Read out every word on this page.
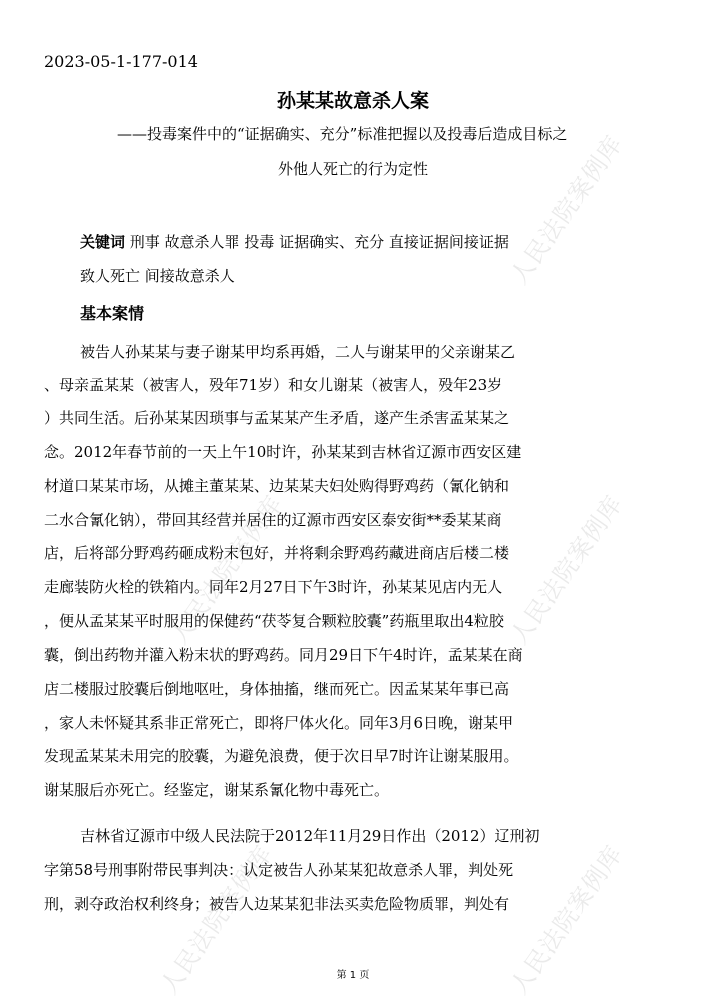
人民法院案例库
人民法院案例库	人民法院案例库
人民法院案例库	人民法院案例库
2023-05-1-177-014
孙某某故意杀人案
——投毒案件中的“证据确实、充分”标准把握以及投毒后造成目标之
外他人死亡的行为定性
关键词 刑事 故意杀人罪 投毒 证据确实、充分 直接证据间接证据
致人死亡 间接故意杀人
基本案情
被告人孙某某与妻子谢某甲均系再婚，二人与谢某甲的父亲谢某乙
、母亲孟某某（被害人，殁年71岁）和女儿谢某（被害人，殁年23岁
）共同生活。后孙某某因琐事与孟某某产生矛盾，遂产生杀害孟某某之
念。2012年春节前的一天上午10时许，孙某某到吉林省辽源市西安区建
材道口某某市场，从摊主董某某、边某某夫妇处购得野鸡药（氰化钠和
二水合氰化钠），带回其经营并居住的辽源市西安区泰安街**委某某商
店，后将部分野鸡药砸成粉末包好，并将剩余野鸡药藏进商店后楼二楼
走廊装防火栓的铁箱内。同年2月27日下午3时许，孙某某见店内无人
，便从孟某某平时服用的保健药“茯苓复合颗粒胶囊”药瓶里取出4粒胶
囊，倒出药物并灌入粉末状的野鸡药。同月29日下午4时许，孟某某在商
店二楼服过胶囊后倒地呕吐，身体抽搐，继而死亡。因孟某某年事已高
，家人未怀疑其系非正常死亡，即将尸体火化。同年3月6日晚，谢某甲
发现孟某某未用完的胶囊，为避免浪费，便于次日早7时许让谢某服用。
谢某服后亦死亡。经鉴定，谢某系氰化物中毒死亡。
吉林省辽源市中级人民法院于2012年11月29日作出（2012）辽刑初
字第58号刑事附带民事判决：认定被告人孙某某犯故意杀人罪，判处死
刑，剥夺政治权利终身；被告人边某某犯非法买卖危险物质罪，判处有
第 1 页
